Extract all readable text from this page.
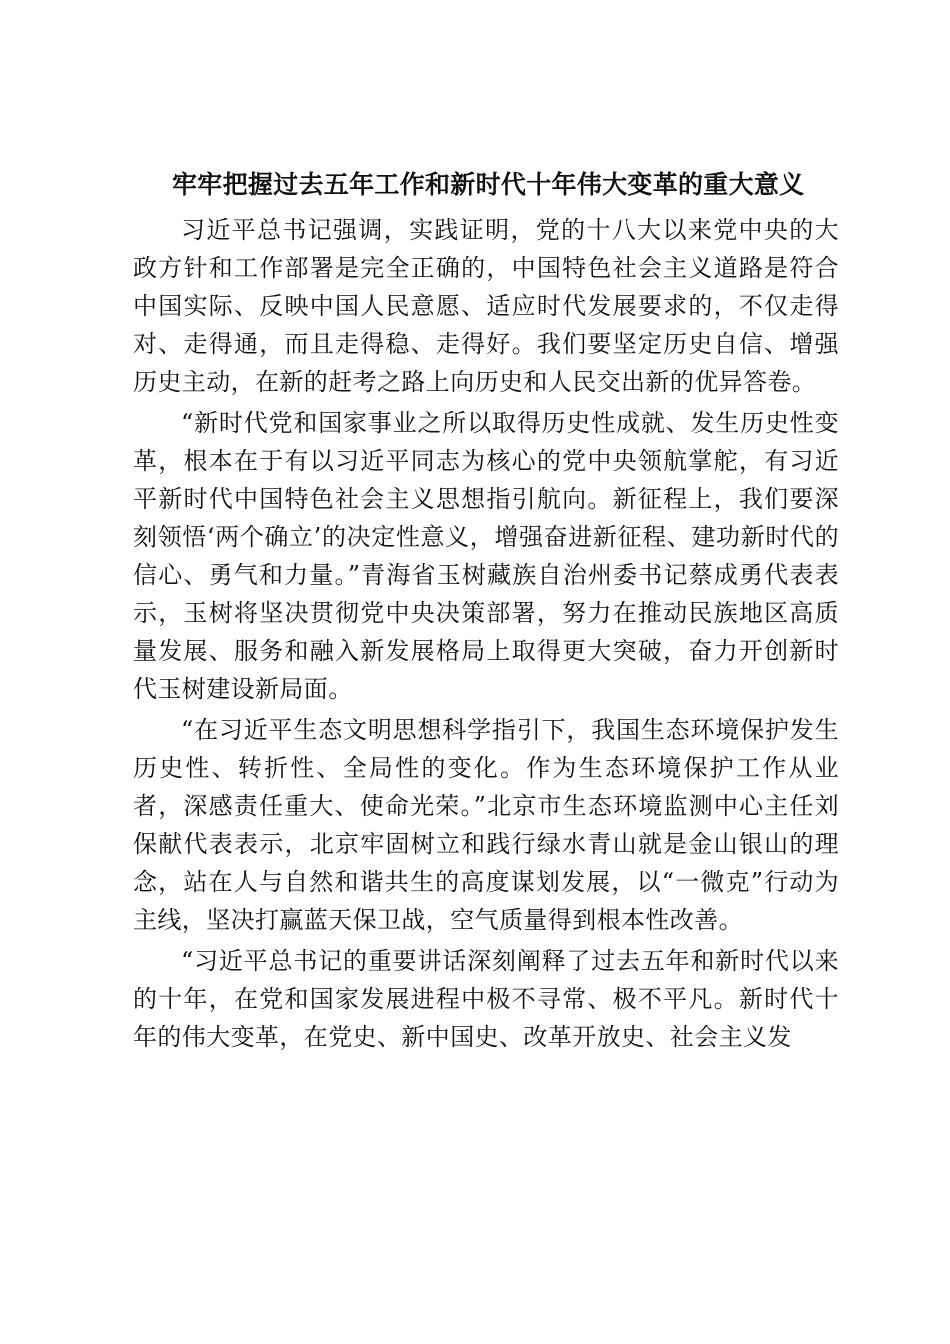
牢牢把握过去五年工作和新时代十年伟大变革的重大意义

习近平总书记强调，实践证明，党的十八大以来党中央的大政方针和工作部署是完全正确的，中国特色社会主义道路是符合中国实际、反映中国人民意愿、适应时代发展要求的，不仅走得对、走得通，而且走得稳、走得好。我们要坚定历史自信、增强历史主动，在新的赶考之路上向历史和人民交出新的优异答卷。

“新时代党和国家事业之所以取得历史性成就、发生历史性变革，根本在于有以习近平同志为核心的党中央领航掌舵，有习近平新时代中国特色社会主义思想指引航向。新征程上，我们要深刻领悟‘两个确立’的决定性意义，增强奋进新征程、建功新时代的信心、勇气和力量。”青海省玉树藏族自治州委书记蔡成勇代表表示，玉树将坚决贯彻党中央决策部署，努力在推动民族地区高质量发展、服务和融入新发展格局上取得更大突破，奋力开创新时代玉树建设新局面。

“在习近平生态文明思想科学指引下，我国生态环境保护发生历史性、转折性、全局性的变化。作为生态环境保护工作从业者，深感责任重大、使命光荣。”北京市生态环境监测中心主任刘保献代表表示，北京牢固树立和践行绿水青山就是金山银山的理念，站在人与自然和谐共生的高度谋划发展，以“一微克”行动为主线，坚决打赢蓝天保卫战，空气质量得到根本性改善。

“习近平总书记的重要讲话深刻阐释了过去五年和新时代以来的十年，在党和国家发展进程中极不寻常、极不平凡。新时代十年的伟大变革，在党史、新中国史、改革开放史、社会主义发
